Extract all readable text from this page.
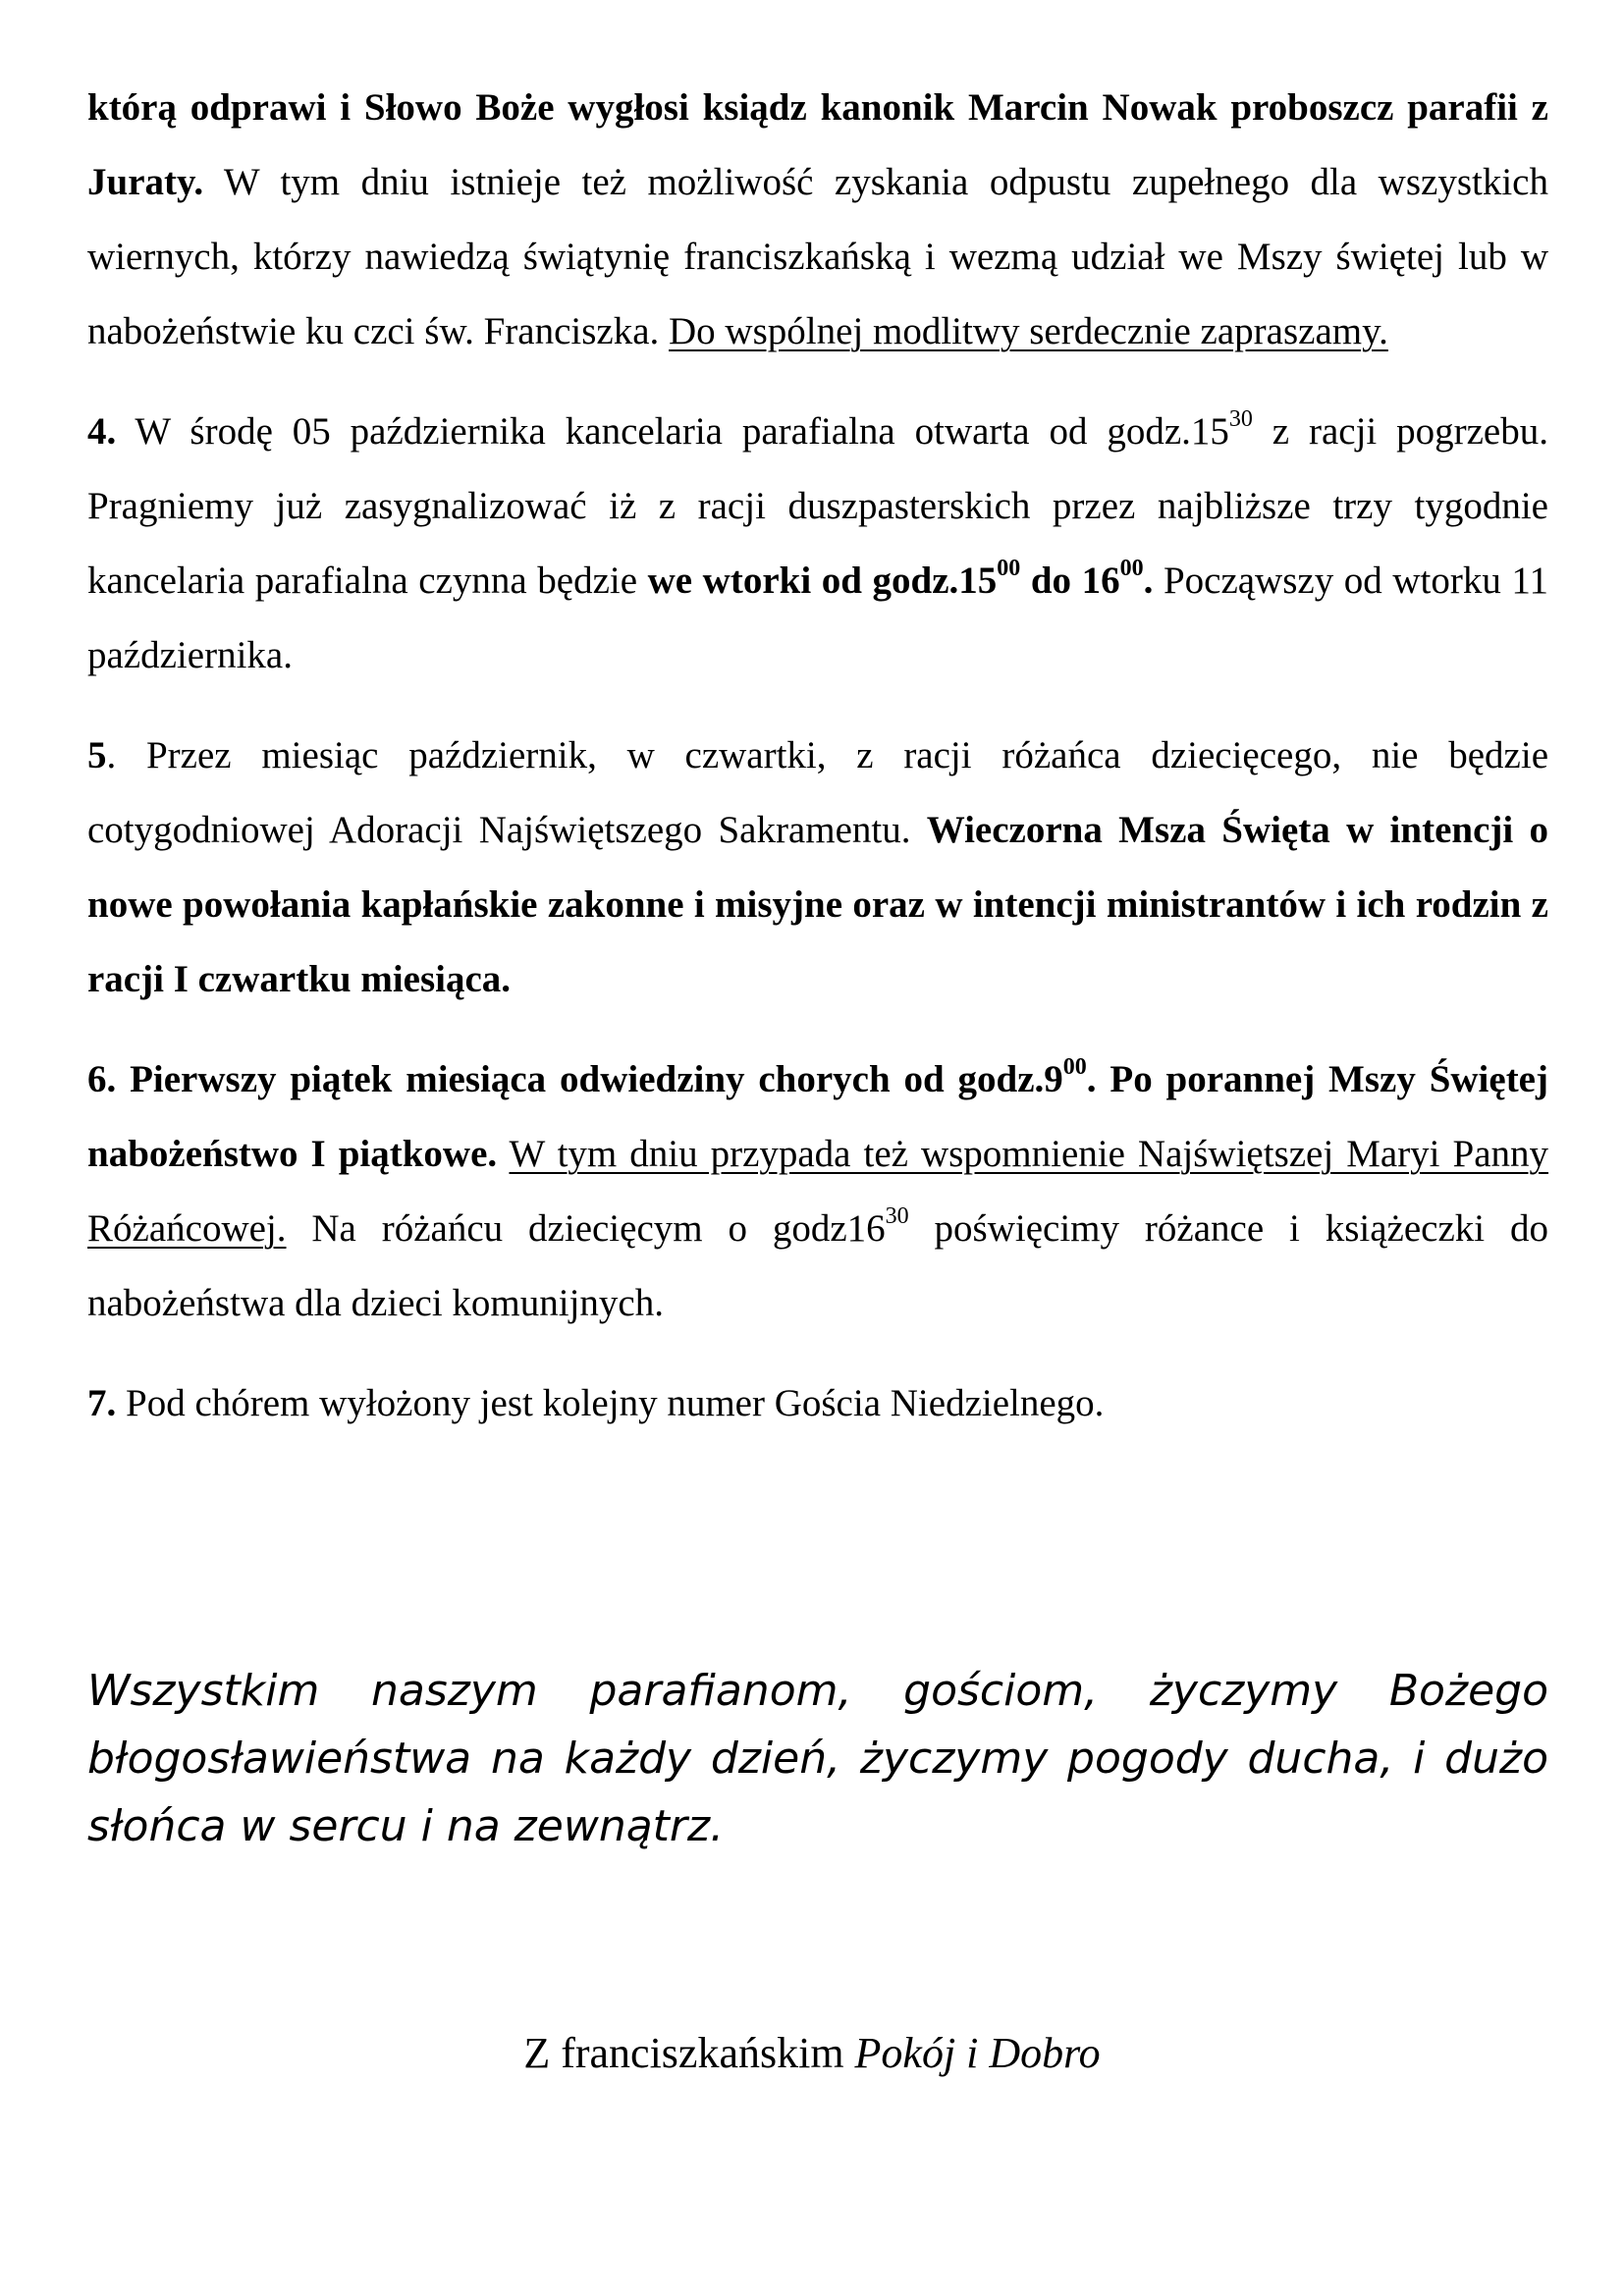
którą odprawi i Słowo Boże wygłosi ksiądz kanonik Marcin Nowak proboszcz parafii z Juraty. W tym dniu istnieje też możliwość zyskania odpustu zupełnego dla wszystkich wiernych, którzy nawiedzą świątynię franciszkańską i wezmą udział we Mszy świętej lub w nabożeństwie ku czci św. Franciszka. Do wspólnej modlitwy serdecznie zapraszamy.

4. W środę 05 października kancelaria parafialna otwarta od $godz.15^{30}$ z racji pogrzebu. Pragniemy już zasygnalizować iż z racji duszpasterskich przez najbliższe trzy tygodnie kancelaria parafialna czynna będzie we wtorki od $godz.15^{00}$ do $16^{00}$. Począwszy od wtorku 11 października.

5. Przez miesiąc październik, w czwartki, z racji różańca dziecięcego, nie będzie cotygodniowej Adoracji Najświętszego Sakramentu. Wieczorna Msza Święta w intencji o nowe powołania kapłańskie zakonne i misyjne oraz w intencji ministrantów i ich rodzin z racji I czwartku miesiąca.

6. Pierwszy piątek miesiąca odwiedziny chorych od $godz.9^{00}$. Po porannej Mszy Świętej nabożeństwo I piątkowe. W tym dniu przypada też wspomnienie Najświętszej Maryi Panny Różańcowej. Na różańcu dziecięcym o $godz16^{30}$ poświęcimy różance i książeczki do nabożeństwa dla dzieci komunijnych.

7. Pod chórem wyłożony jest kolejny numer Gościa Niedzielnego.

Wszystkim naszym parafianom, gościom, życzymy Bożego błogosławieństwa na każdy dzień, życzymy pogody ducha, i dużo słońca w sercu i na zewnątrz.

Z franciszkańskim Pokój i Dobro
